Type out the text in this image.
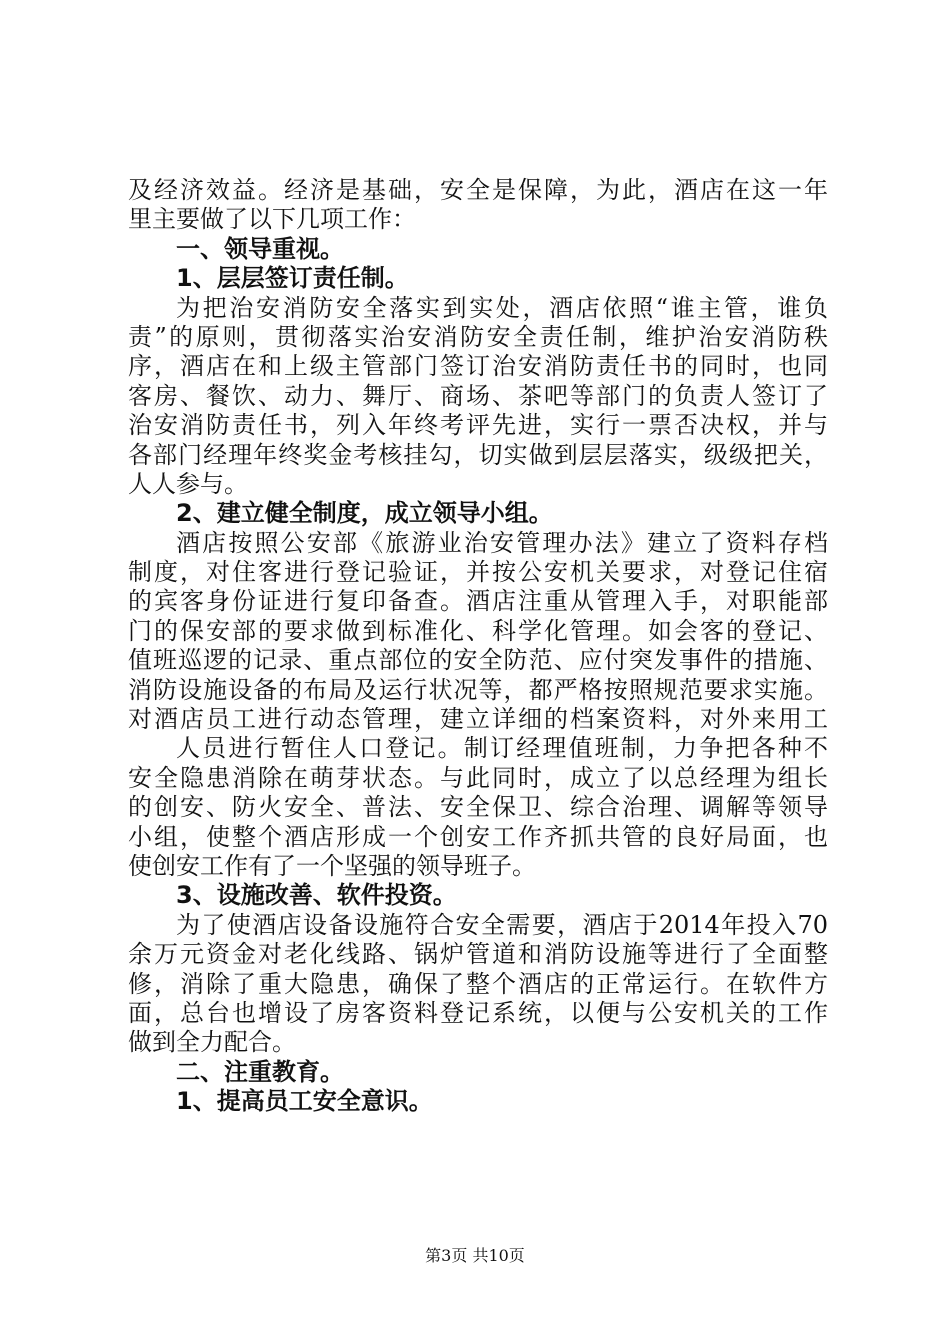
及经济效益。经济是基础，安全是保障，为此，酒店在这一年
里主要做了以下几项工作：
一、领导重视。
1、层层签订责任制。
为把治安消防安全落实到实处，酒店依照“谁主管，谁负
责”的原则，贯彻落实治安消防安全责任制，维护治安消防秩
序，酒店在和上级主管部门签订治安消防责任书的同时，也同
客房、餐饮、动力、舞厅、商场、茶吧等部门的负责人签订了
治安消防责任书，列入年终考评先进，实行一票否决权，并与
各部门经理年终奖金考核挂勾，切实做到层层落实，级级把关，
人人参与。
2、建立健全制度，成立领导小组。
酒店按照公安部《旅游业治安管理办法》建立了资料存档
制度，对住客进行登记验证，并按公安机关要求，对登记住宿
的宾客身份证进行复印备查。酒店注重从管理入手，对职能部
门的保安部的要求做到标准化、科学化管理。如会客的登记、
值班巡逻的记录、重点部位的安全防范、应付突发事件的措施、
消防设施设备的布局及运行状况等，都严格按照规范要求实施。
对酒店员工进行动态管理，建立详细的档案资料，对外来用工
人员进行暂住人口登记。制订经理值班制，力争把各种不
安全隐患消除在萌芽状态。与此同时，成立了以总经理为组长
的创安、防火安全、普法、安全保卫、综合治理、调解等领导
小组，使整个酒店形成一个创安工作齐抓共管的良好局面，也
使创安工作有了一个坚强的领导班子。
3、设施改善、软件投资。
为了使酒店设备设施符合安全需要，酒店于2014年投入70
余万元资金对老化线路、锅炉管道和消防设施等进行了全面整
修，消除了重大隐患，确保了整个酒店的正常运行。在软件方
面，总台也增设了房客资料登记系统，以便与公安机关的工作
做到全力配合。
二、注重教育。
1、提高员工安全意识。
第3页 共10页
